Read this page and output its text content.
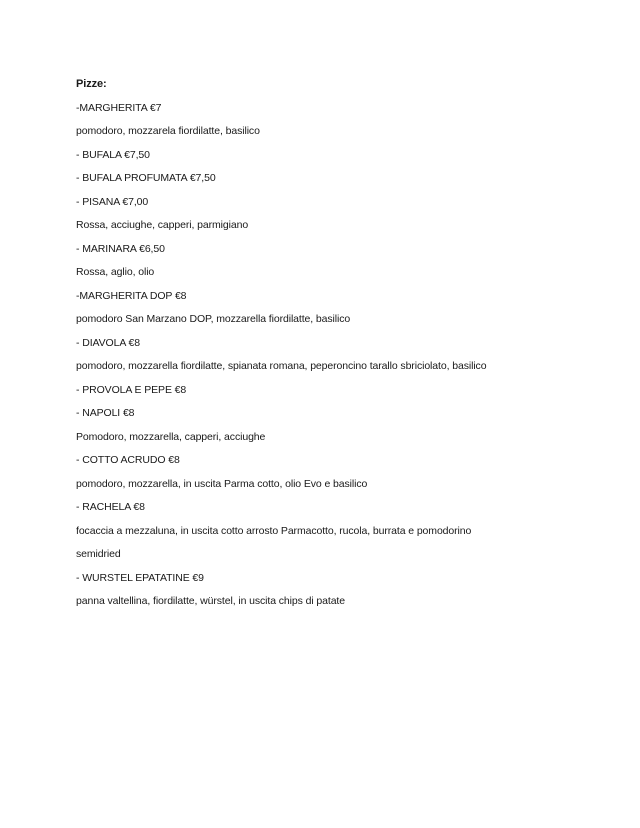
Pizze:
-MARGHERITA €7
pomodoro, mozzarela fiordilatte, basilico
- BUFALA €7,50
- BUFALA PROFUMATA €7,50
- PISANA €7,00
Rossa, acciughe, capperi, parmigiano
- MARINARA €6,50
Rossa, aglio, olio
-MARGHERITA DOP €8
pomodoro San Marzano DOP, mozzarella fiordilatte, basilico
- DIAVOLA €8
pomodoro, mozzarella fiordilatte, spianata romana, peperoncino tarallo sbriciolato, basilico
- PROVOLA E PEPE €8
- NAPOLI €8
Pomodoro, mozzarella, capperi, acciughe
- COTTO ACRUDO €8
pomodoro, mozzarella, in uscita Parma cotto, olio Evo e basilico
- RACHELA €8
focaccia a mezzaluna, in uscita cotto arrosto Parmacotto, rucola, burrata e pomodorino
semidried
- WURSTEL EPATATINE €9
panna valtellina, fiordilatte, würstel, in uscita chips di patate
